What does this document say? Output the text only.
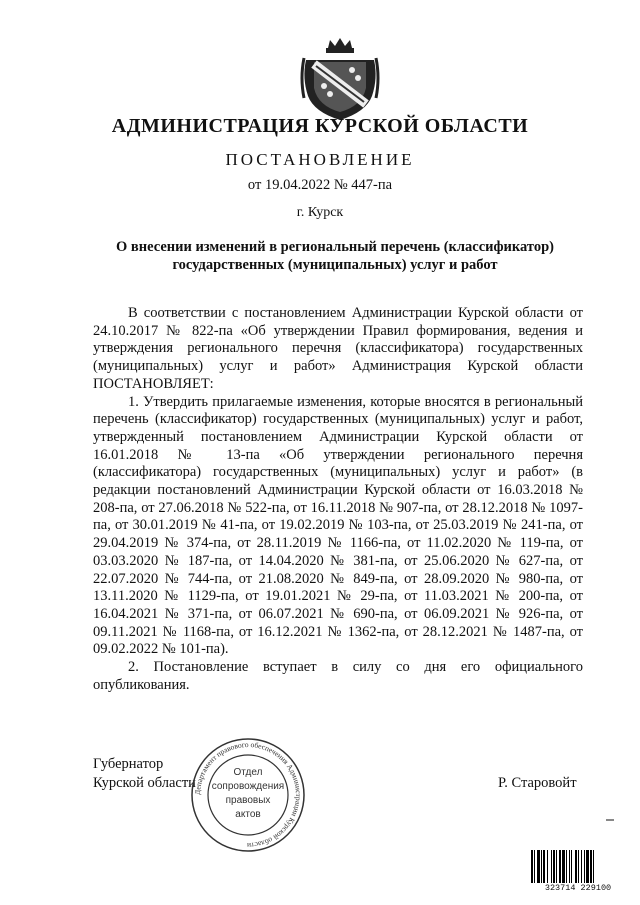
АДМИНИСТРАЦИЯ КУРСКОЙ ОБЛАСТИ
ПОСТАНОВЛЕНИЕ
от 19.04.2022 № 447-па
г. Курск
О внесении изменений в региональный перечень (классификатор)
государственных (муниципальных) услуг и работ

В соответствии с постановлением Администрации Курской области от 24.10.2017 № 822-па «Об утверждении Правил формирования, ведения и утверждения регионального перечня (классификатора) государственных (муниципальных) услуг и работ» Администрация Курской области ПОСТАНОВЛЯЕТ:

1. Утвердить прилагаемые изменения, которые вносятся в региональный перечень (классификатор) государственных (муниципальных) услуг и работ, утвержденный постановлением Администрации Курской области от 16.01.2018 № 13-па «Об утверждении регионального перечня (классификатора) государственных (муниципальных) услуг и работ» (в редакции постановлений Администрации Курской области от 16.03.2018 № 208-па, от 27.06.2018 № 522-па, от 16.11.2018 № 907-па, от 28.12.2018 № 1097-па, от 30.01.2019 № 41-па, от 19.02.2019 № 103-па, от 25.03.2019 № 241-па, от 29.04.2019 № 374-па, от 28.11.2019 № 1166-па, от 11.02.2020 № 119-па, от 03.03.2020 № 187-па, от 14.04.2020 № 381-па, от 25.06.2020 № 627-па, от 22.07.2020 № 744-па, от 21.08.2020 № 849-па, от 28.09.2020 № 980-па, от 13.11.2020 № 1129-па, от 19.01.2021 № 29-па, от 11.03.2021 № 200-па, от 16.04.2021 № 371-па, от 06.07.2021 № 690-па, от 06.09.2021 № 926-па, от 09.11.2021 № 1168-па, от 16.12.2021 № 1362-па, от 28.12.2021 № 1487-па, от 09.02.2022 № 101-па).

2. Постановление вступает в силу со дня его официального опубликования.

Губернатор
Курской области	Р. Старовойт
Департамент правового обеспечения Администрации Курской области
Отдел
сопровождения
правовых
актов
323714 229100
